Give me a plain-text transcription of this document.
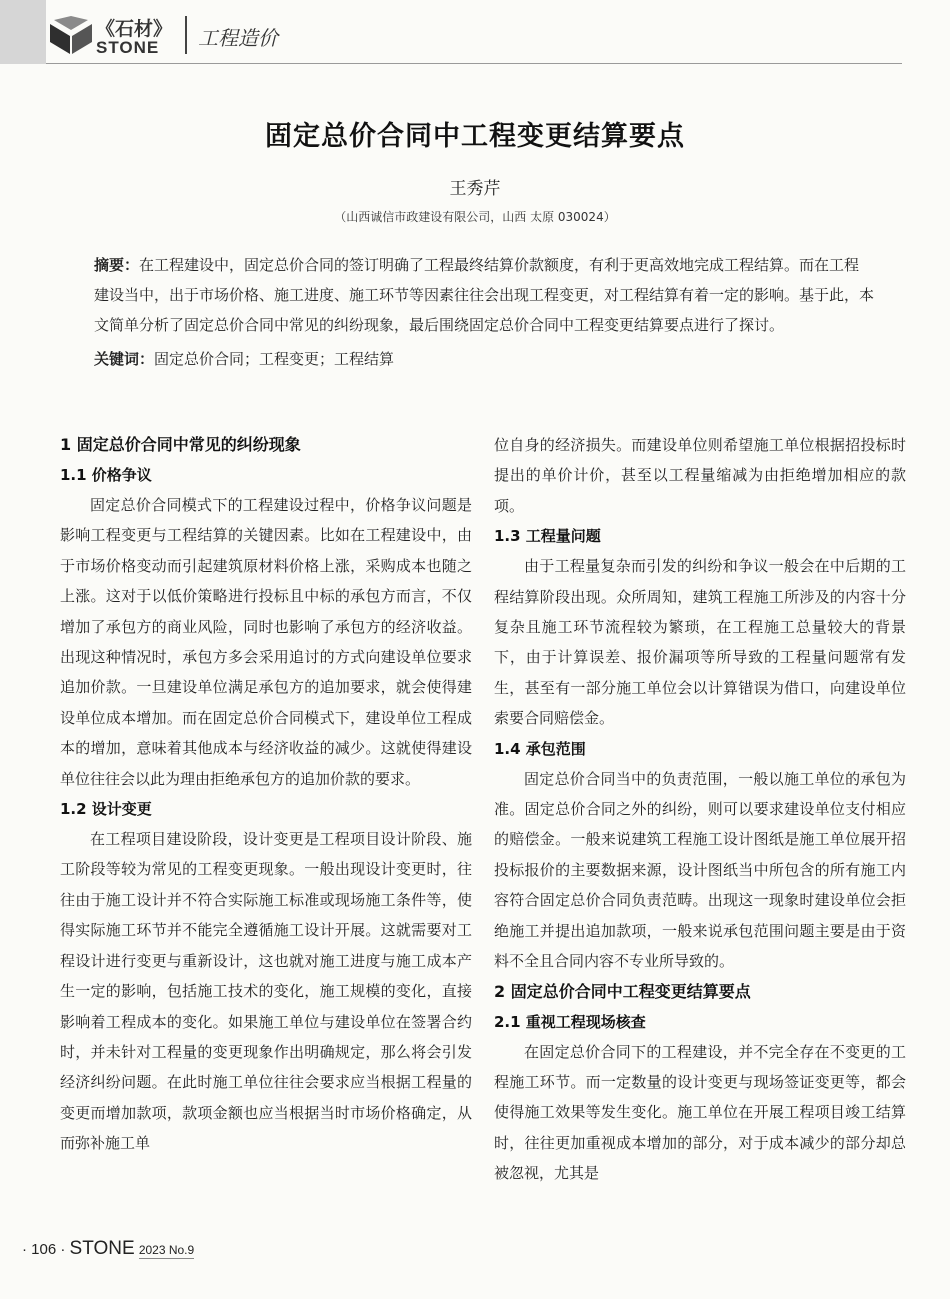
《石材》
STONE 工程造价
固定总价合同中工程变更结算要点
王秀芹
（山西诚信市政建设有限公司，山西 太原 030024）

摘要：在工程建设中，固定总价合同的签订明确了工程最终结算价款额度，有利于更高效地完成工程结算。而在工程建设当中，出于市场价格、施工进度、施工环节等因素往往会出现工程变更，对工程结算有着一定的影响。基于此，本文简单分析了固定总价合同中常见的纠纷现象，最后围绕固定总价合同中工程变更结算要点进行了探讨。

关键词：固定总价合同；工程变更；工程结算

1 固定总价合同中常见的纠纷现象
1.1 价格争议

固定总价合同模式下的工程建设过程中，价格争议问题是影响工程变更与工程结算的关键因素。比如在工程建设中，由于市场价格变动而引起建筑原材料价格上涨，采购成本也随之上涨。这对于以低价策略进行投标且中标的承包方而言，不仅增加了承包方的商业风险，同时也影响了承包方的经济收益。出现这种情况时，承包方多会采用追讨的方式向建设单位要求追加价款。一旦建设单位满足承包方的追加要求，就会使得建设单位成本增加。而在固定总价合同模式下，建设单位工程成本的增加，意味着其他成本与经济收益的减少。这就使得建设单位往往会以此为理由拒绝承包方的追加价款的要求。

1.2 设计变更

在工程项目建设阶段，设计变更是工程项目设计阶段、施工阶段等较为常见的工程变更现象。一般出现设计变更时，往往由于施工设计并不符合实际施工标准或现场施工条件等，使得实际施工环节并不能完全遵循施工设计开展。这就需要对工程设计进行变更与重新设计，这也就对施工进度与施工成本产生一定的影响，包括施工技术的变化，施工规模的变化，直接影响着工程成本的变化。如果施工单位与建设单位在签署合约时，并未针对工程量的变更现象作出明确规定，那么将会引发经济纠纷问题。在此时施工单位往往会要求应当根据工程量的变更而增加款项，款项金额也应当根据当时市场价格确定，从而弥补施工单

位自身的经济损失。而建设单位则希望施工单位根据招投标时提出的单价计价，甚至以工程量缩减为由拒绝增加相应的款项。

1.3 工程量问题

由于工程量复杂而引发的纠纷和争议一般会在中后期的工程结算阶段出现。众所周知，建筑工程施工所涉及的内容十分复杂且施工环节流程较为繁琐，在工程施工总量较大的背景下，由于计算误差、报价漏项等所导致的工程量问题常有发生，甚至有一部分施工单位会以计算错误为借口，向建设单位索要合同赔偿金。

1.4 承包范围

固定总价合同当中的负责范围，一般以施工单位的承包为准。固定总价合同之外的纠纷，则可以要求建设单位支付相应的赔偿金。一般来说建筑工程施工设计图纸是施工单位展开招投标报价的主要数据来源，设计图纸当中所包含的所有施工内容符合固定总价合同负责范畴。出现这一现象时建设单位会拒绝施工并提出追加款项，一般来说承包范围问题主要是由于资料不全且合同内容不专业所导致的。

2 固定总价合同中工程变更结算要点
2.1 重视工程现场核查

在固定总价合同下的工程建设，并不完全存在不变更的工程施工环节。而一定数量的设计变更与现场签证变更等，都会使得施工效果等发生变化。施工单位在开展工程项目竣工结算时，往往更加重视成本增加的部分，对于成本减少的部分却总被忽视，尤其是

· 106 · STONE 2023 No.9
